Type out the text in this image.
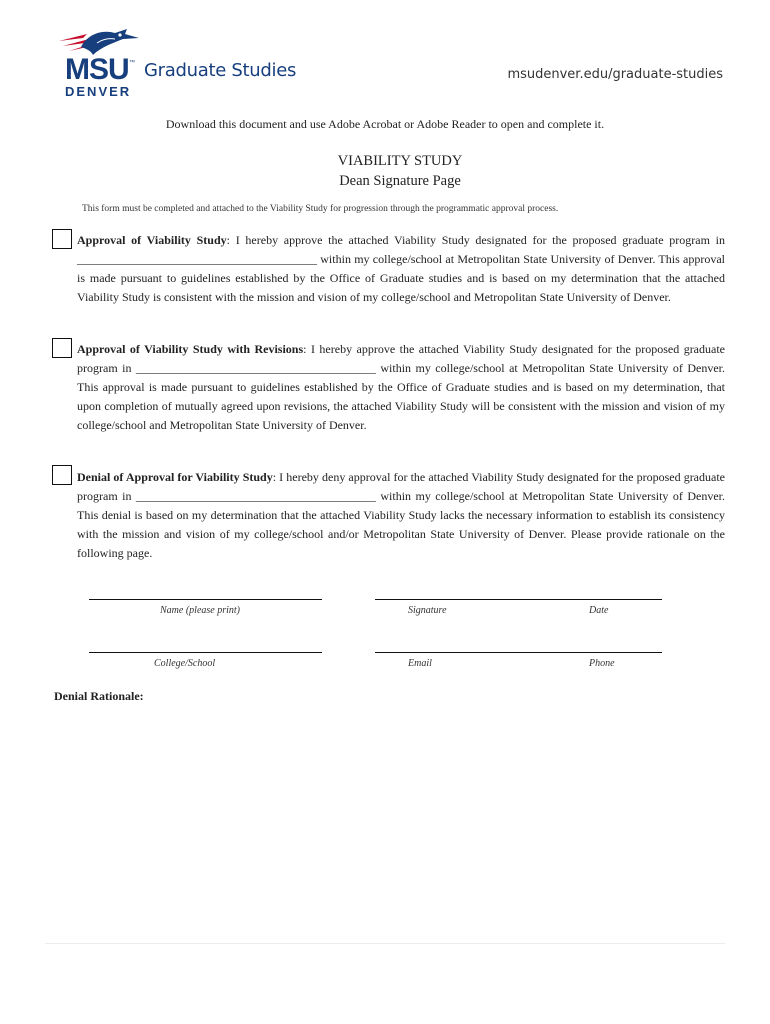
MSU ™
DENVER
Graduate Studies	msudenver.edu/graduate-studies
Download this document and use Adobe Acrobat or Adobe Reader to open and complete it.
VIABILITY STUDY
Dean Signature Page
This form must be completed and attached to the Viability Study for progression through the programmatic approval process.
Approval of Viability Study: I hereby approve the attached Viability Study designated for the proposed graduate program in ________________________________________ within my college/school at Metropolitan State University of Denver. This approval is made pursuant to guidelines established by the Office of Graduate studies and is based on my determination that the attached Viability Study is consistent with the mission and vision of my college/school and Metropolitan State University of Denver.
Approval of Viability Study with Revisions: I hereby approve the attached Viability Study designated for the proposed graduate program in ________________________________________ within my college/school at Metropolitan State University of Denver. This approval is made pursuant to guidelines established by the Office of Graduate studies and is based on my determination, that upon completion of mutually agreed upon revisions, the attached Viability Study will be consistent with the mission and vision of my college/school and Metropolitan State University of Denver.
Denial of Approval for Viability Study: I hereby deny approval for the attached Viability Study designated for the proposed graduate program in ________________________________________ within my college/school at Metropolitan State University of Denver. This denial is based on my determination that the attached Viability Study lacks the necessary information to establish its consistency with the mission and vision of my college/school and/or Metropolitan State University of Denver. Please provide rationale on the following page.
Name (please print)	Signature	Date
College/School	Email	Phone
Denial Rationale:
